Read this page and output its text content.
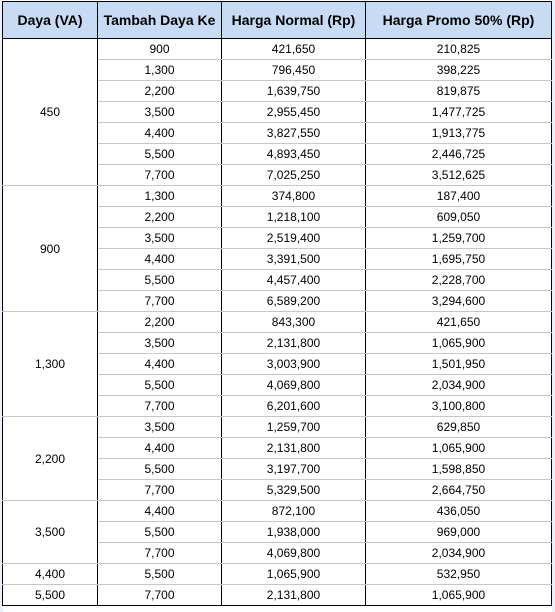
Daya (VA)	Tambah Daya Ke	Harga Normal (Rp)	Harga Promo 50% (Rp)
450	900	421,650	210,825
	1,300	796,450	398,225
	2,200	1,639,750	819,875
	3,500	2,955,450	1,477,725
	4,400	3,827,550	1,913,775
	5,500	4,893,450	2,446,725
	7,700	7,025,250	3,512,625
900	1,300	374,800	187,400
	2,200	1,218,100	609,050
	3,500	2,519,400	1,259,700
	4,400	3,391,500	1,695,750
	5,500	4,457,400	2,228,700
	7,700	6,589,200	3,294,600
1,300	2,200	843,300	421,650
	3,500	2,131,800	1,065,900
	4,400	3,003,900	1,501,950
	5,500	4,069,800	2,034,900
	7,700	6,201,600	3,100,800
2,200	3,500	1,259,700	629,850
	4,400	2,131,800	1,065,900
	5,500	3,197,700	1,598,850
	7,700	5,329,500	2,664,750
3,500	4,400	872,100	436,050
	5,500	1,938,000	969,000
	7,700	4,069,800	2,034,900
4,400	5,500	1,065,900	532,950
5,500	7,700	2,131,800	1,065,900
